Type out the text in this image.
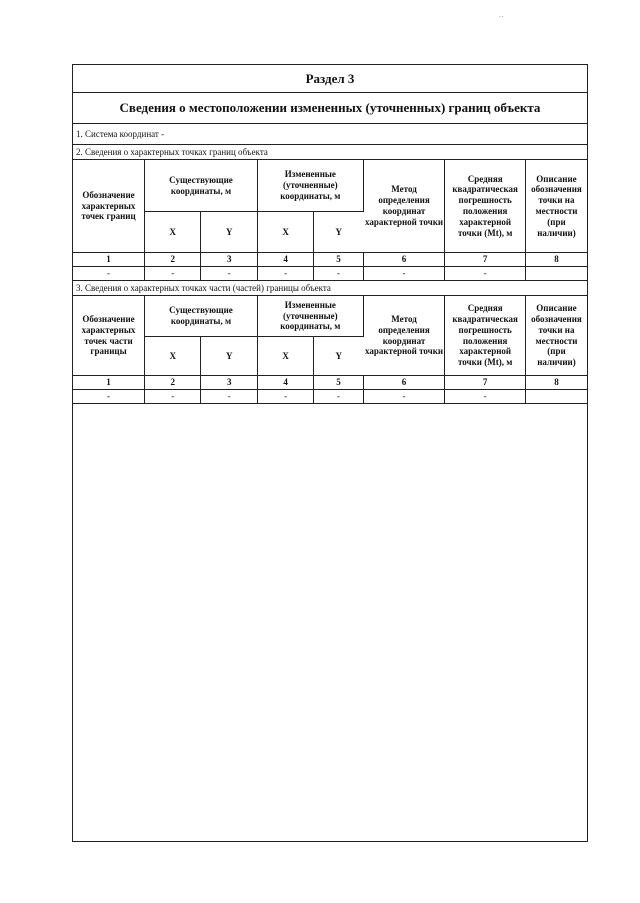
··
Раздел 3
Сведения о местоположении измененных (уточненных) границ объекта
1. Система координат -
2. Сведения о характерных точках границ объекта
Обозначение характерных точек границ	Существующие координаты, м		Измененные (уточненные) координаты, м		Метод определения координат характерной точки	Средняя квадратическая погрешность положения характерной точки (Mt), м	Описание обозначения точки на местности (при наличии)
	X	Y	X	Y			
1	2	3	4	5	6	7	8
-	-	-	-	-	-	-	
3. Сведения о характерных точках части (частей) границы объекта
Обозначение характерных точек части границы	Существующие координаты, м		Измененные (уточненные) координаты, м		Метод определения координат характерной точки	Средняя квадратическая погрешность положения характерной точки (Mt), м	Описание обозначения точки на местности (при наличии)
	X	Y	X	Y			
1	2	3	4	5	6	7	8
-	-	-	-	-	-	-	
